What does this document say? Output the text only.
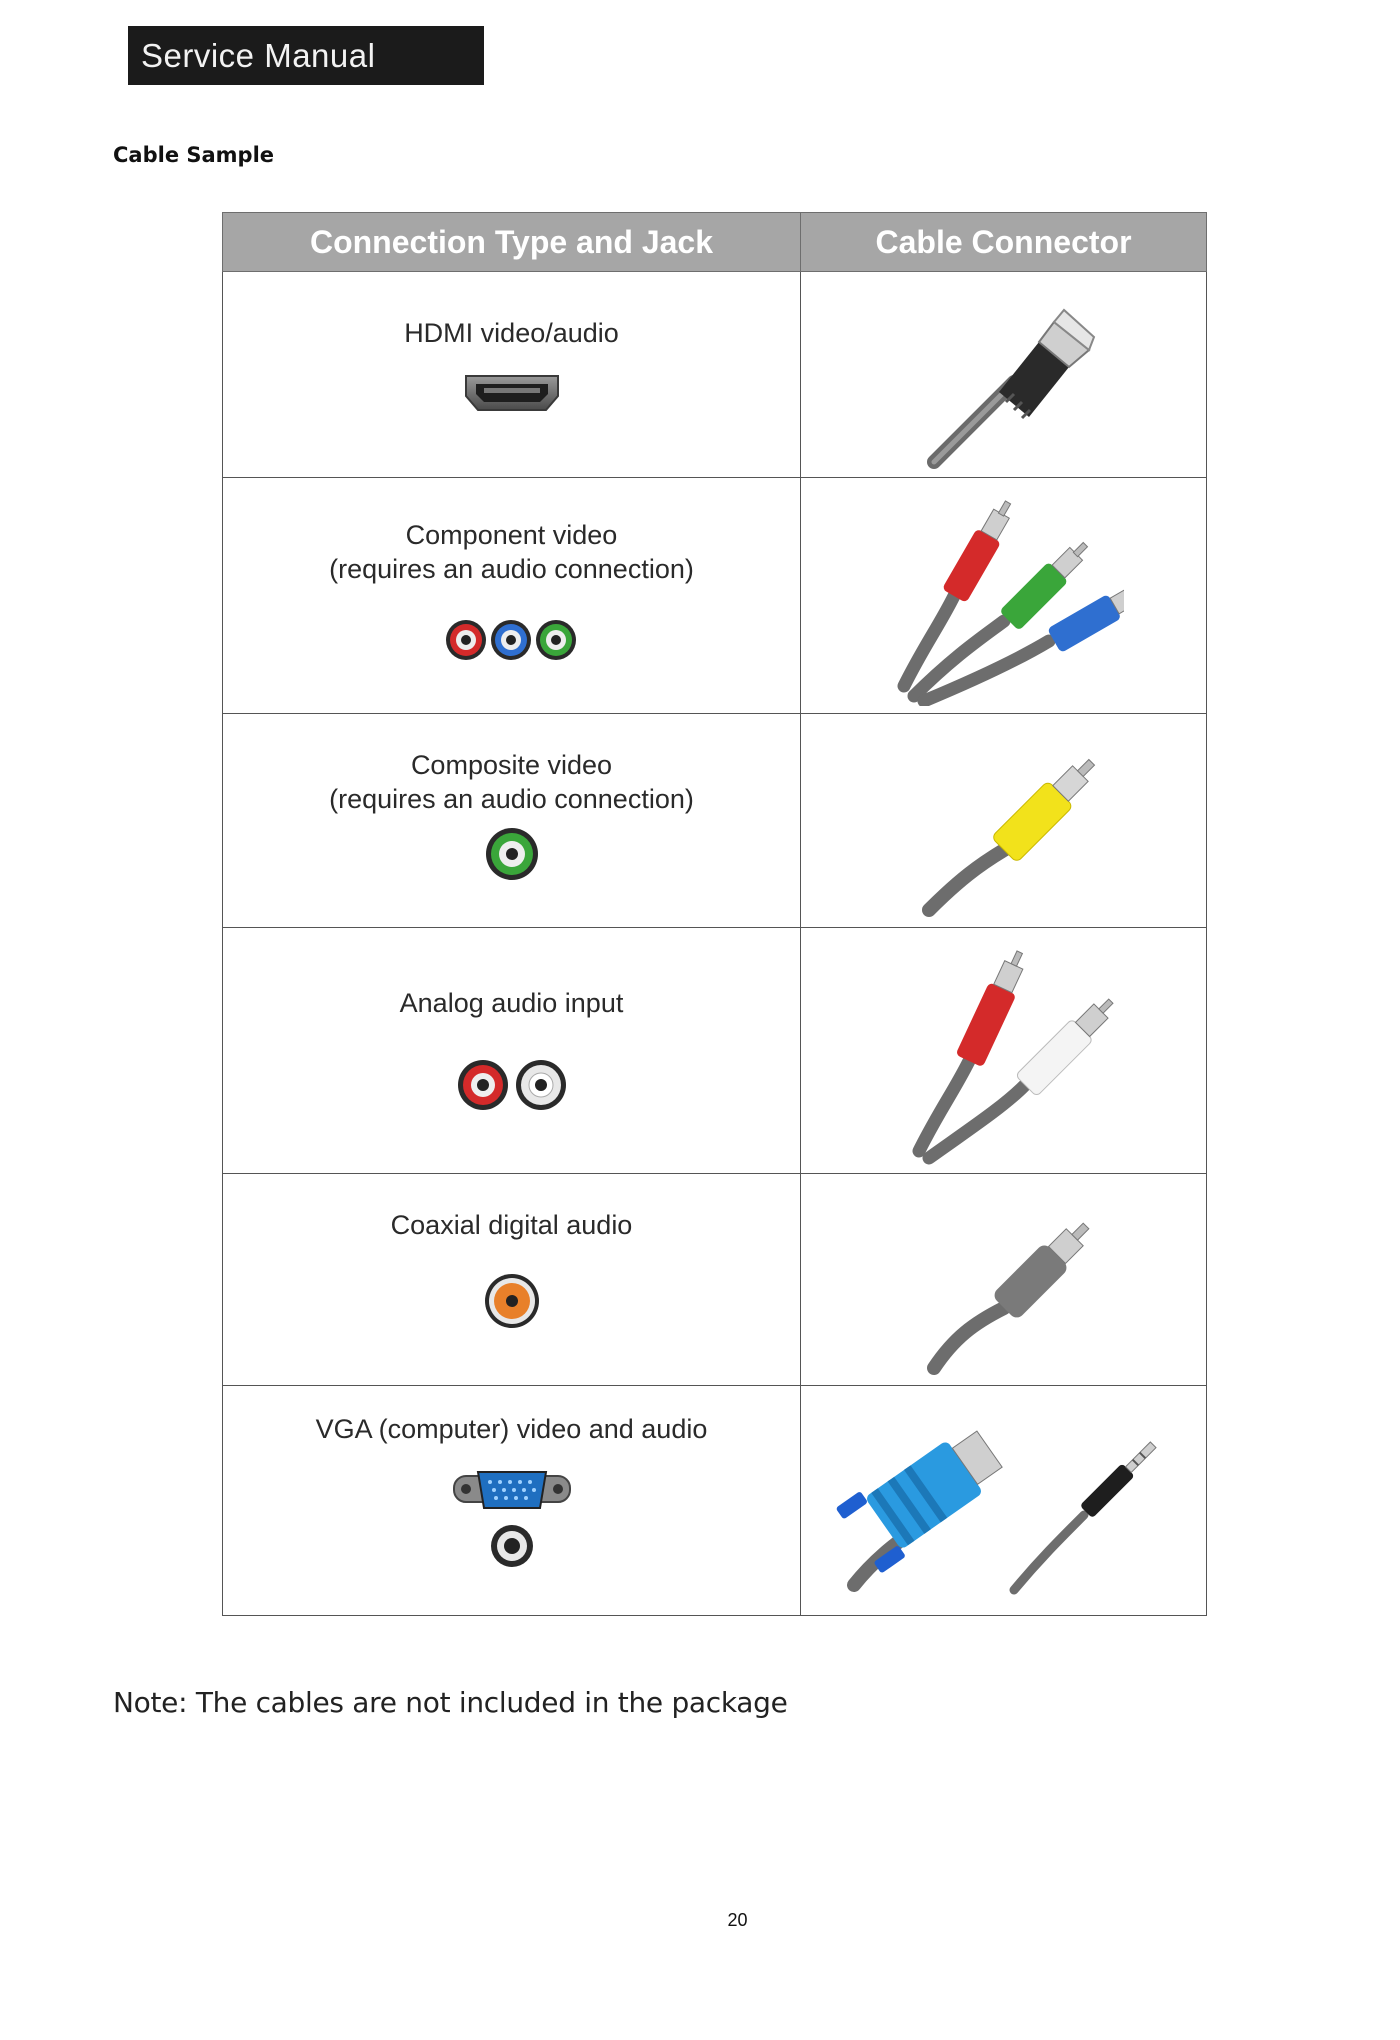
Service Manual
Cable Sample
Connection Type and Jack	Cable Connector

HDMI video/audio

Component video
(requires an audio connection)

Composite video
(requires an audio connection)

Analog audio input

Coaxial digital audio

VGA (computer) video and audio

Note: The cables are not included in the package
20
